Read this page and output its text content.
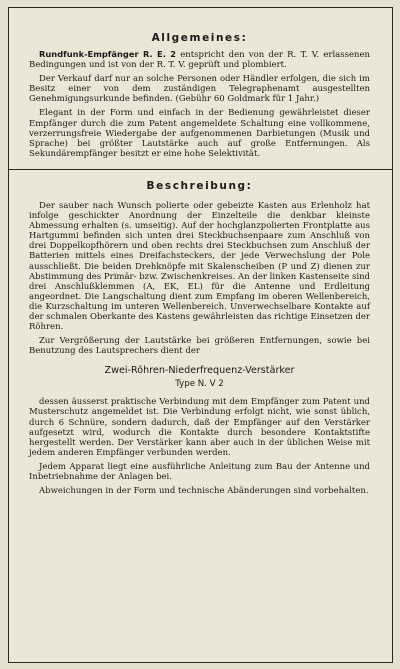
Allgemeines:

Rundfunk-Empfänger R. E. 2 entspricht den von der R. T. V. erlassenen Bedingungen und ist von der R. T. V. geprüft und plombiert.

Der Verkauf darf nur an solche Personen oder Händler erfolgen, die sich im Besitz einer von dem zuständigen Telegraphenamt ausgestellten Genehmigungsurkunde befinden. (Gebühr 60 Goldmark für 1 Jahr.)

Elegant in der Form und einfach in der Bedienung gewährleistet dieser Empfänger durch die zum Patent angemeldete Schaltung eine vollkommene, verzerrungsfreie Wiedergabe der aufgenommenen Darbietungen (Musik und Sprache) bei größter Lautstärke auch auf große Entfernungen. Als Sekundärempfänger besitzt er eine hohe Selektivität.

Beschreibung:

Der sauber nach Wunsch polierte oder gebeizte Kasten aus Erlenholz hat infolge geschickter Anordnung der Einzelteile die denkbar kleinste Abmessung erhalten (s. umseitig). Auf der hochglanzpolierten Frontplatte aus Hartgummi befinden sich unten drei Steckbuchsenpaare zum Anschluß von drei Doppelkopfhörern und oben rechts drei Steckbuchsen zum Anschluß der Batterien mittels eines Dreifachsteckers, der jede Verwechslung der Pole ausschließt. Die beiden Drehknöpfe mit Skalenscheiben (P und Z) dienen zur Abstimmung des Primär- bzw. Zwischenkreises. An der linken Kastenseite sind drei Anschlußklemmen (A, EK, EL) für die Antenne und Erdleitung angeordnet. Die Langschaltung dient zum Empfang im oberen Wellenbereich, die Kurzschaltung im unteren Wellenbereich. Unverwechselbare Kontakte auf der schmalen Oberkante des Kastens gewährleisten das richtige Einsetzen der Röhren.

Zur Vergrößerung der Lautstärke bei größeren Entfernungen, sowie bei Benutzung des Lautsprechers dient der

Zwei-Röhren-Niederfrequenz-Verstärker
Type N. V 2

dessen äusserst praktische Verbindung mit dem Empfänger zum Patent und Musterschutz angemeldet ist. Die Verbindung erfolgt nicht, wie sonst üblich, durch 6 Schnüre, sondern dadurch, daß der Empfänger auf den Verstärker aufgesetzt wird, wodurch die Kontakte durch besondere Kontaktstifte hergestellt werden. Der Verstärker kann aber auch in der üblichen Weise mit jedem anderen Empfänger verbunden werden.

Jedem Apparat liegt eine ausführliche Anleitung zum Bau der Antenne und Inbetriebnahme der Anlagen bei.

Abweichungen in der Form und technische Abänderungen sind vorbehalten.
